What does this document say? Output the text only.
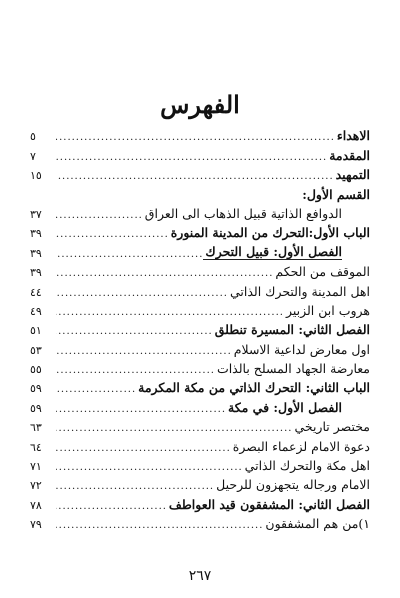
الفهرس
الاهداء
.....
٥
المقدمة
.....
٧
التمهيد
.....
١٥
القسم الأول:
الدوافع الذاتية قبيل الذهاب الى العراق
.....
٣٧
الباب الأول:التحرك من المدينة المنورة
.....
٣٩
الفصل الأول: قبيل التحرك
.....
٣٩
الموقف من الحكم
.....
٣٩
اهل المدينة والتحرك الذاتي
.....
٤٤
هروب ابن الزبير
.....
٤٩
الفصل الثاني: المسيرة تنطلق
.....
٥١
اول معارض لداعية الاسلام
.....
٥٣
معارضة الجهاد المسلح بالذات
.....
٥٥
الباب الثاني: التحرك الذاتي من مكة المكرمة
.....
٥٩
الفصل الأول: في مكة
.....
٥٩
مختصر تاريخي
.....
٦٣
دعوة الامام لزعماء البصرة
.....
٦٤
اهل مكة والتحرك الذاتي
.....
٧١
الامام ورجاله يتجهزون للرحيل
.....
٧٢
الفصل الثاني: المشفقون قيد العواطف
.....
٧٨
١)من هم المشفقون
.....
٧٩
٢٦٧
